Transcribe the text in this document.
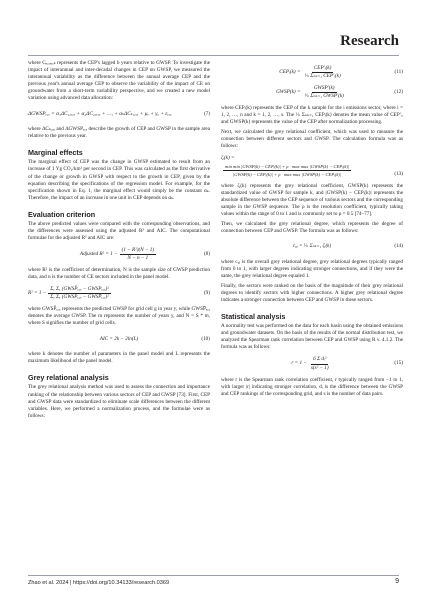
Research

where Cₑ,ₐₑₑ,ₖ represents the CEP's lagged b years relative to GWSP. To investigate the impact of interannual and inter-decadal changes in CEP on GWSP, we measured the interannual variability as the difference between the annual average CEP and the previous year's annual average CEP to observe the variability of the impact of CE on groundwater from a short-term variability perspective, and we created a new model variation using advanced data allocation:

ΔGWSPₑ,ₓ = α₁ΔC₁,ₑ,ₓ + α₂ΔC₂,ₑ,ₓ + …, + αₖΔCₖ,ₑ,ₓ + μₑ + γₓ + εₑ,ₓ	(7)

where ΔCₖ,ₑₓ and ΔGWSPₑ,ₓ describe the growth of CEP and GWSP in the sample area relative to the previous year.

Marginal effects

The marginal effect of CEP was the change in GWSP estimated to result from an increase of 1 Yg CO₂/km² per second in CEP. This was calculated as the first derivative of the change or growth in GWSP with respect to the growth in CEP, given by the equation describing the specifications of the regression model. For example, for the specification shown in Eq. 1, the marginal effect would simply be the constant αₖ. Therefore, the impact of an increase in one unit in CEP depends on αₖ.

Evaluation criterion

The above predicted values were compared with the corresponding observations, and the differences were assessed using the adjusted R² and AIC. The computational formulae for the adjusted R² and AIC are:

Adjusted $R^2 = 1 - \frac{\text{(1 − R²)(N − 1)}}{N - n - 1}$	(8)

where R² is the coefficient of determination, N is the sample size of GWSP prediction data, and n is the number of CE sectors included in the panel model.

$R^2 = 1 - \frac{\text{Σₑ Σₓ (GWSP̂ₑ,ₓ − GWSPₑ,ₓ)²}}{\text{Σₑ Σₓ (GWSP̂ₑ,ₓ − GWSP̅ₑ,ₓ)²}}$	(9)

where GWSP̂ₑ,ₓ represents the predicted GWSP for grid cell g in year y, while GWSP̅ₑ,ₓ denotes the average GWSP. The m represents the number of years y, and N = S * m, where S signifies the number of grid cells.

AIC = 2k − 2ln(L)	(10)

where k denotes the number of parameters in the panel model and L represents the maximum likelihood of the panel model.

Grey relational analysis

The grey relational analysis method was used to assess the connection and importance ranking of the relationship between various sectors of CEP and GWSP [73]. First, CEP and GWSP data were standardized to eliminate scale differences between the different variables. Here, we performed a normalization process, and the formulae were as follows:

CEPᵢ(k) = $\frac{\text{CEP′ᵢ(k)}}{\text{¹⁄ₙ Σₙₖ₌₁ CEP′ᵢ(k)}}$	(11)
GWSP(k) = $\frac{\text{GWSP′(k)}}{\text{¹⁄ₙ Σₙₖ₌₁ GWSP′(k)}}$	(12)

where CEPᵢ(k) represents the CEP of the k sample for the i emissions sector, where i = 1, 2, …, n and k = 1, 2, …, s. The ¹⁄ₙ Σₙₖ₌₁ CEPᵢ(k) denotes the mean value of CEP′ᵢ, and GWSP(k) represents the value of the CEP after normalization processing.

Next, we calculated the grey relational coefficient, which was used to measure the connection between different sectors and GWSP. The calculation formula was as follows:

ζᵢ(k) =
min min |GWSP(k) − CEPᵢ(k)| + ρ · max max |GWSP(k) − CEPᵢ(k)|
|GWSP(k) − CEPᵢ(k)| + ρ · max max |GWSP(k) − CEPᵢ(k)|	(13)

where ζᵢ(k) represents the grey relational coefficient, GWSP(k) represents the standardized value of GWSP for sample k, and |GWSP(k) − CEPᵢ(k)| represents the absolute difference between the CEP sequence of various sectors and the corresponding sample in the GWSP sequence. The ρ is the resolution coefficient, typically taking values within the range of 0 to 1 and is commonly set to ρ = 0.5 [74–77].

Then, we calculated the grey relational degree, which represents the degree of connection between CEP and GWSP. The formula was as follows:

c₀ᵢ = ¹⁄ₙ Σₙₖ₌₁ ζᵢ(k)	(14)

where c₀ᵢ is the overall grey relational degree, grey relational degrees typically ranged from 0 to 1, with larger degrees indicating stronger connections, and if they were the same, the grey relational degree equaled 1.

Finally, the sectors were ranked on the basis of the magnitude of their grey relational degrees to identify sectors with higher connections. A higher grey relational degree indicates a stronger connection between CEP and GWSP in these sectors.

Statistical analysis

A normality test was performed on the data for each basin using the obtained emissions and groundwater datasets. On the basis of the results of the normal distribution test, we analyzed the Spearman rank correlation between CEP and GWSP using R v. 4.1.2. The formula was as follows:

$r = 1 - \frac{\text{6 Σ dᵢ²}}{\text{s(s² − 1)}}$	(15)

where r is the Spearman rank correlation coefficient, r typically ranged from −1 to 1, with larger |r| indicating stronger correlation, dᵢ is the difference between the GWSP and CEP rankings of the corresponding grid, and s is the number of data pairs.

Zhao et al. 2024 | https://doi.org/10.34133/research.0369	9
